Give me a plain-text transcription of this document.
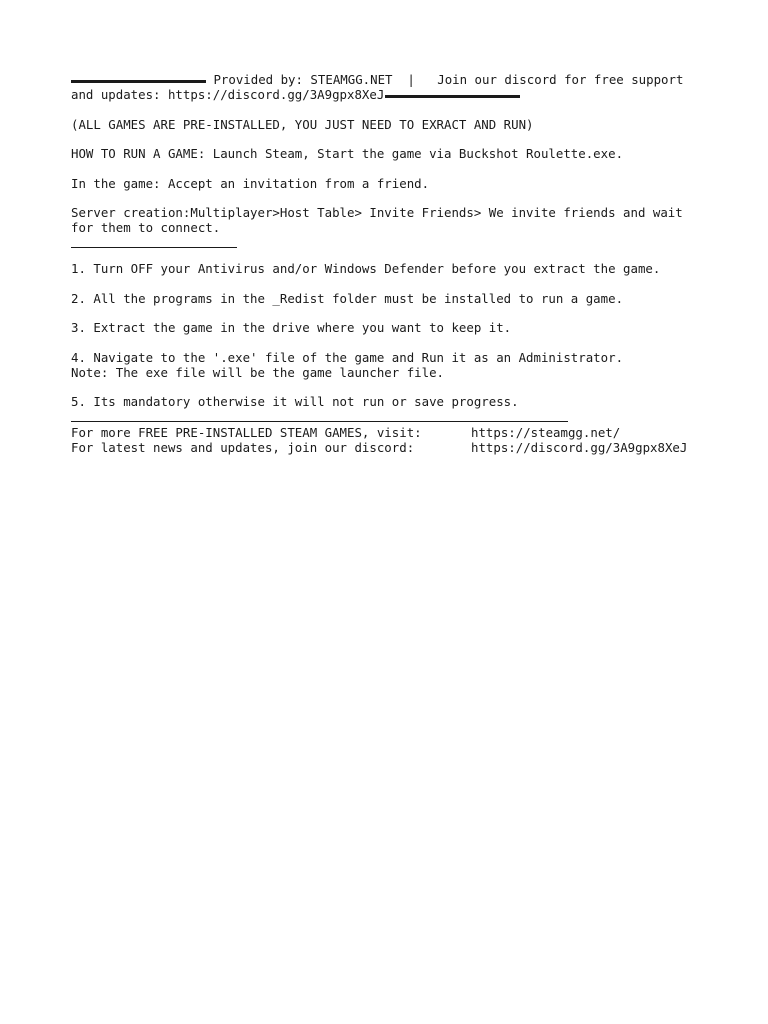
Provided by: STEAMGG.NET  |   Join our discord for free support
and updates: https://discord.gg/3A9gpx8XeJ
(ALL GAMES ARE PRE-INSTALLED, YOU JUST NEED TO EXRACT AND RUN)
HOW TO RUN A GAME: Launch Steam, Start the game via Buckshot Roulette.exe.
In the game: Accept an invitation from a friend.
Server creation:Multiplayer>Host Table> Invite Friends> We invite friends and wait
for them to connect.
1. Turn OFF your Antivirus and/or Windows Defender before you extract the game.
2. All the programs in the _Redist folder must be installed to run a game.
3. Extract the game in the drive where you want to keep it.
4. Navigate to the '.exe' file of the game and Run it as an Administrator.
Note: The exe file will be the game launcher file.
5. Its mandatory otherwise it will not run or save progress.
For more FREE PRE-INSTALLED STEAM GAMES, visit:	https://steamgg.net/
For latest news and updates, join our discord:	https://discord.gg/3A9gpx8XeJ
